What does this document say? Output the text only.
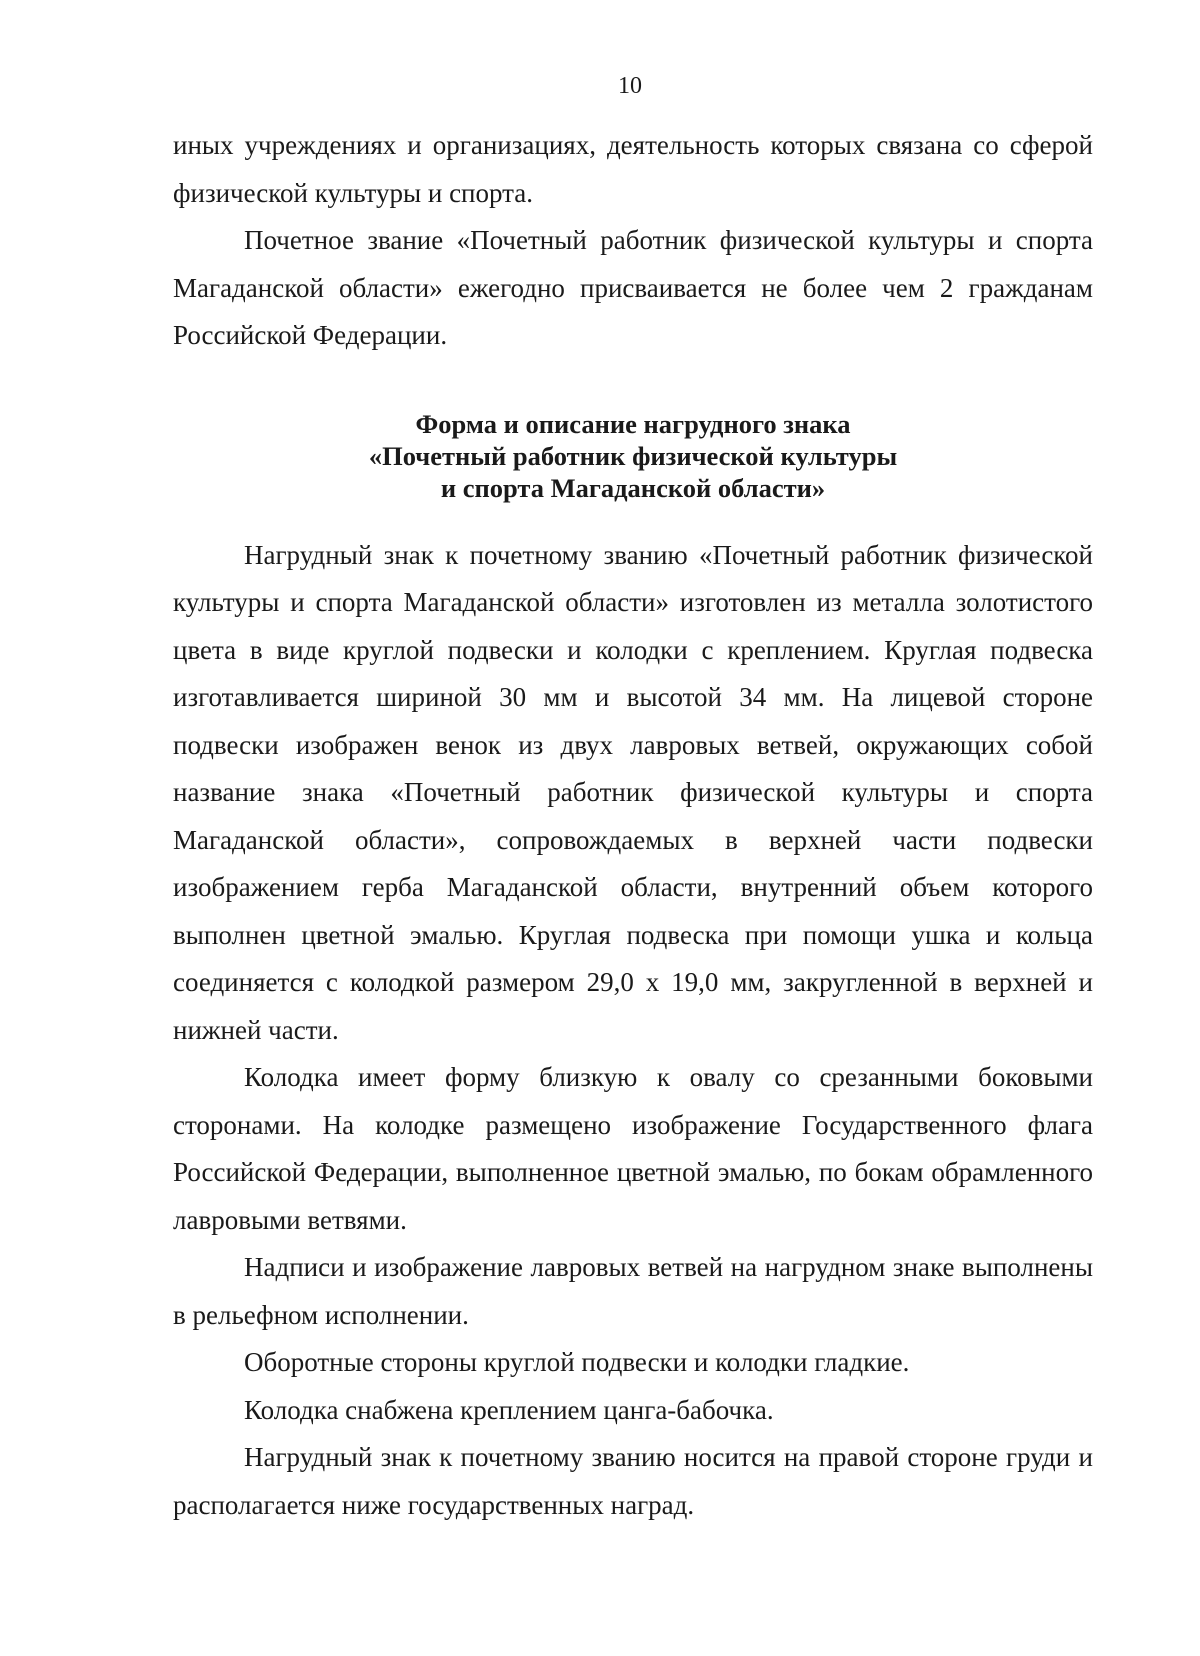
10

иных учреждениях и организациях, деятельность которых связана со сферой физической культуры и спорта.

Почетное звание «Почетный работник физической культуры и спорта Магаданской области» ежегодно присваивается не более чем 2 гражданам Российской Федерации.

Форма и описание нагрудного знака
«Почетный работник физической культуры
и спорта Магаданской области»

Нагрудный знак к почетному званию «Почетный работник физической культуры и спорта Магаданской области» изготовлен из металла золотистого цвета в виде круглой подвески и колодки с креплением. Круглая подвеска изготавливается шириной 30 мм и высотой 34 мм. На лицевой стороне подвески изображен венок из двух лавровых ветвей, окружающих собой название знака «Почетный работник физической культуры и спорта Магаданской области», сопровождаемых в верхней части подвески изображением герба Магаданской области, внутренний объем которого выполнен цветной эмалью. Круглая подвеска при помощи ушка и кольца соединяется с колодкой размером 29,0 х 19,0 мм, закругленной в верхней и нижней части.

Колодка имеет форму близкую к овалу со срезанными боковыми сторонами. На колодке размещено изображение Государственного флага Российской Федерации, выполненное цветной эмалью, по бокам обрамленного лавровыми ветвями.

Надписи и изображение лавровых ветвей на нагрудном знаке выполнены в рельефном исполнении.

Оборотные стороны круглой подвески и колодки гладкие.

Колодка снабжена креплением цанга-бабочка.

Нагрудный знак к почетному званию носится на правой стороне груди и располагается ниже государственных наград.
